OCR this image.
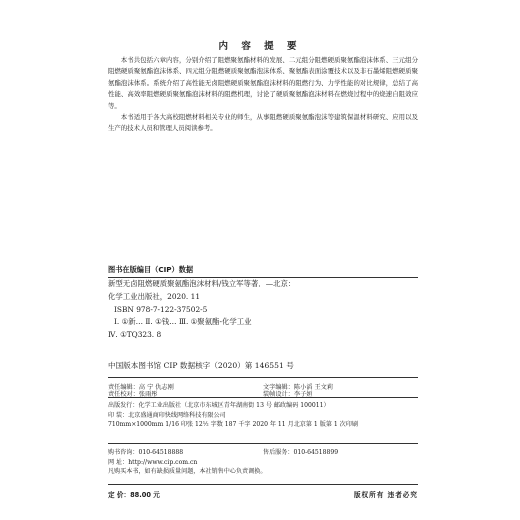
内 容 提 要

本书共包括六章内容，分别介绍了阻燃聚氨酯材料的发展、二元组分阻燃硬质聚氨酯泡沫体系、三元组分阻燃硬质聚氨酯泡沫体系、四元组分阻燃硬质聚氨酯泡沫体系、聚氨酯表面涂覆技术以及非石墨烯阻燃硬质聚氨酯泡沫体系。系统介绍了高性能无卤阻燃硬质聚氨酯泡沫材料的阻燃行为、力学性能的对比规律，总结了高性能、高效率阻燃硬质聚氨酯泡沫材料的阻燃机理，讨论了硬质聚氨酯泡沫材料在燃烧过程中的烧速自阻效应等。

本书适用于各大高校阻燃材料相关专业的师生，从事阻燃硬质聚氨酯泡沫等建筑保温材料研究、应用以及生产的技术人员和管理人员阅读参考。

图书在版编目（CIP）数据
新型无卤阻燃硬质聚氨酯泡沫材料/钱立军等著．—北京：
化学工业出版社，2020. 11
ISBN 978-7-122-37502-5
Ⅰ. ①新… Ⅱ. ①钱… Ⅲ. ①聚氨酯-化学工业
Ⅳ. ①TQ323. 8
中国版本图书馆 CIP 数据核字（2020）第 146551 号
责任编辑：高 宁 仇志刚	文字编辑：陈小滔 王文莉
责任校对：张雨彤	装帧设计：李子姮
出版发行：化学工业出版社（北京市东城区青年湖南街 13 号 邮政编码 100011）
印 装：北京盛通商印快线网络科技有限公司
710mm×1000mm 1/16 印张 12½ 字数 187 千字 2020 年 11 月北京第 1 版第 1 次印刷
购书咨询：010-64518888	售后服务：010-64518899
网 址：http://www.cip.com.cn
凡购买本书，如有缺损质量问题，本社销售中心负责调换。
定 价：88.00 元	版权所有 违者必究
